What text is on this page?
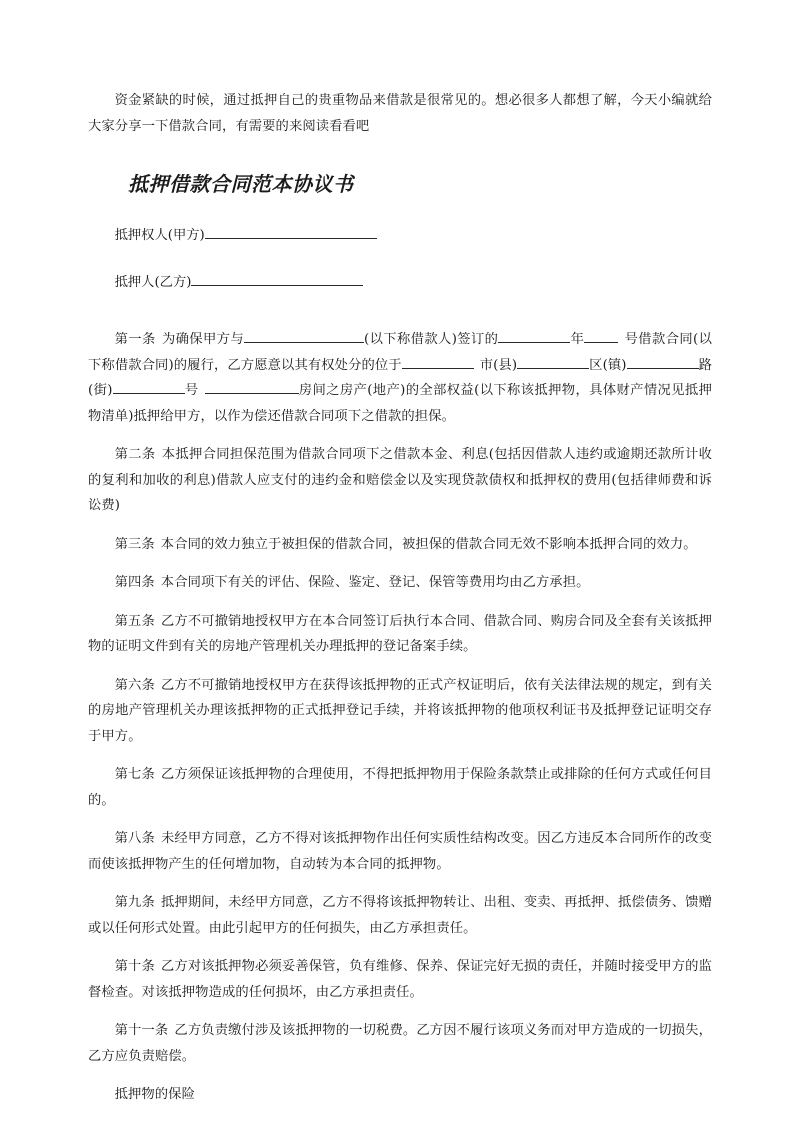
资金紧缺的时候，通过抵押自己的贵重物品来借款是很常见的。想必很多人都想了解，今天小编就给大家分享一下借款合同，有需要的来阅读看看吧

抵押借款合同范本协议书

抵押权人(甲方)

抵押人(乙方)

第一条 为确保甲方与	(以下称借款人)签订的	年	号借款合同(以下称借款合同)的履行，乙方愿意以其有权处分的位于	市(县)	区(镇)	路(街)	号	房间之房产(地产)的全部权益(以下称该抵押物，具体财产情况见抵押物清单)抵押给甲方，以作为偿还借款合同项下之借款的担保。

第二条 本抵押合同担保范围为借款合同项下之借款本金、利息(包括因借款人违约或逾期还款所计收的复利和加收的利息)借款人应支付的违约金和赔偿金以及实现贷款债权和抵押权的费用(包括律师费和诉讼费)

第三条 本合同的效力独立于被担保的借款合同，被担保的借款合同无效不影响本抵押合同的效力。

第四条 本合同项下有关的评估、保险、鉴定、登记、保管等费用均由乙方承担。

第五条 乙方不可撤销地授权甲方在本合同签订后执行本合同、借款合同、购房合同及全套有关该抵押物的证明文件到有关的房地产管理机关办理抵押的登记备案手续。

第六条 乙方不可撤销地授权甲方在获得该抵押物的正式产权证明后，依有关法律法规的规定，到有关的房地产管理机关办理该抵押物的正式抵押登记手续，并将该抵押物的他项权利证书及抵押登记证明交存于甲方。

第七条 乙方须保证该抵押物的合理使用，不得把抵押物用于保险条款禁止或排除的任何方式或任何目的。

第八条 未经甲方同意，乙方不得对该抵押物作出任何实质性结构改变。因乙方违反本合同所作的改变而使该抵押物产生的任何增加物，自动转为本合同的抵押物。

第九条 抵押期间，未经甲方同意，乙方不得将该抵押物转让、出租、变卖、再抵押、抵偿债务、馈赠或以任何形式处置。由此引起甲方的任何损失，由乙方承担责任。

第十条 乙方对该抵押物必须妥善保管，负有维修、保养、保证完好无损的责任，并随时接受甲方的监督检查。对该抵押物造成的任何损坏，由乙方承担责任。

第十一条 乙方负责缴付涉及该抵押物的一切税费。乙方因不履行该项义务而对甲方造成的一切损失，乙方应负责赔偿。

抵押物的保险
